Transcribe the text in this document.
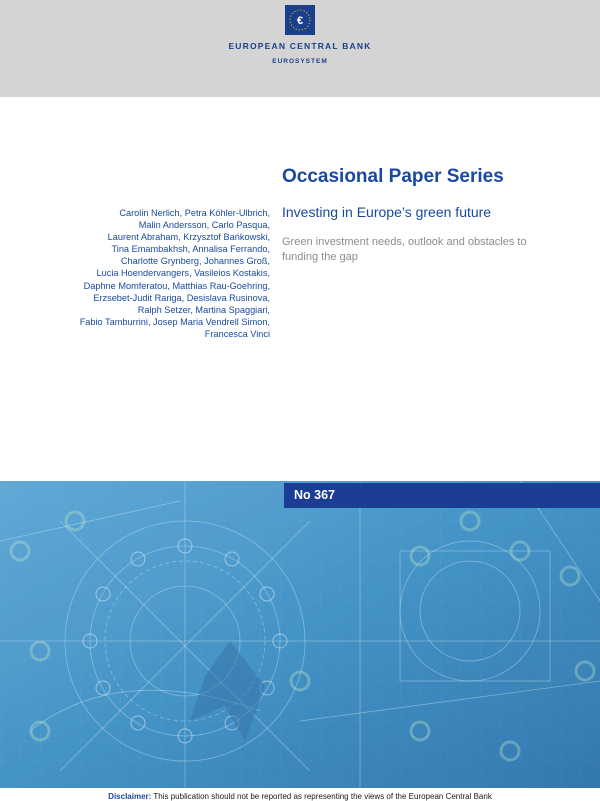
€
EUROPEAN CENTRAL BANK
EUROSYSTEM
Occasional Paper Series
Investing in Europe’s green future
Green investment needs, outlook and obstacles to funding the gap
Carolin Nerlich, Petra Köhler-Ulbrich,
Malin Andersson, Carlo Pasqua,
Laurent Abraham, Krzysztof Bańkowski,
Tina Emambakhsh, Annalisa Ferrando,
Charlotte Grynberg, Johannes Groß,
Lucia Hoendervangers, Vasileios Kostakis,
Daphne Momferatou, Matthias Rau-Goehring,
Erzsebet-Judit Rariga, Desislava Rusinova,
Ralph Setzer, Martina Spaggiari,
Fabio Tamburrini, Josep Maria Vendrell Simon,
Francesca Vinci
No 367
Disclaimer: This publication should not be reported as representing the views of the European Central Bank
